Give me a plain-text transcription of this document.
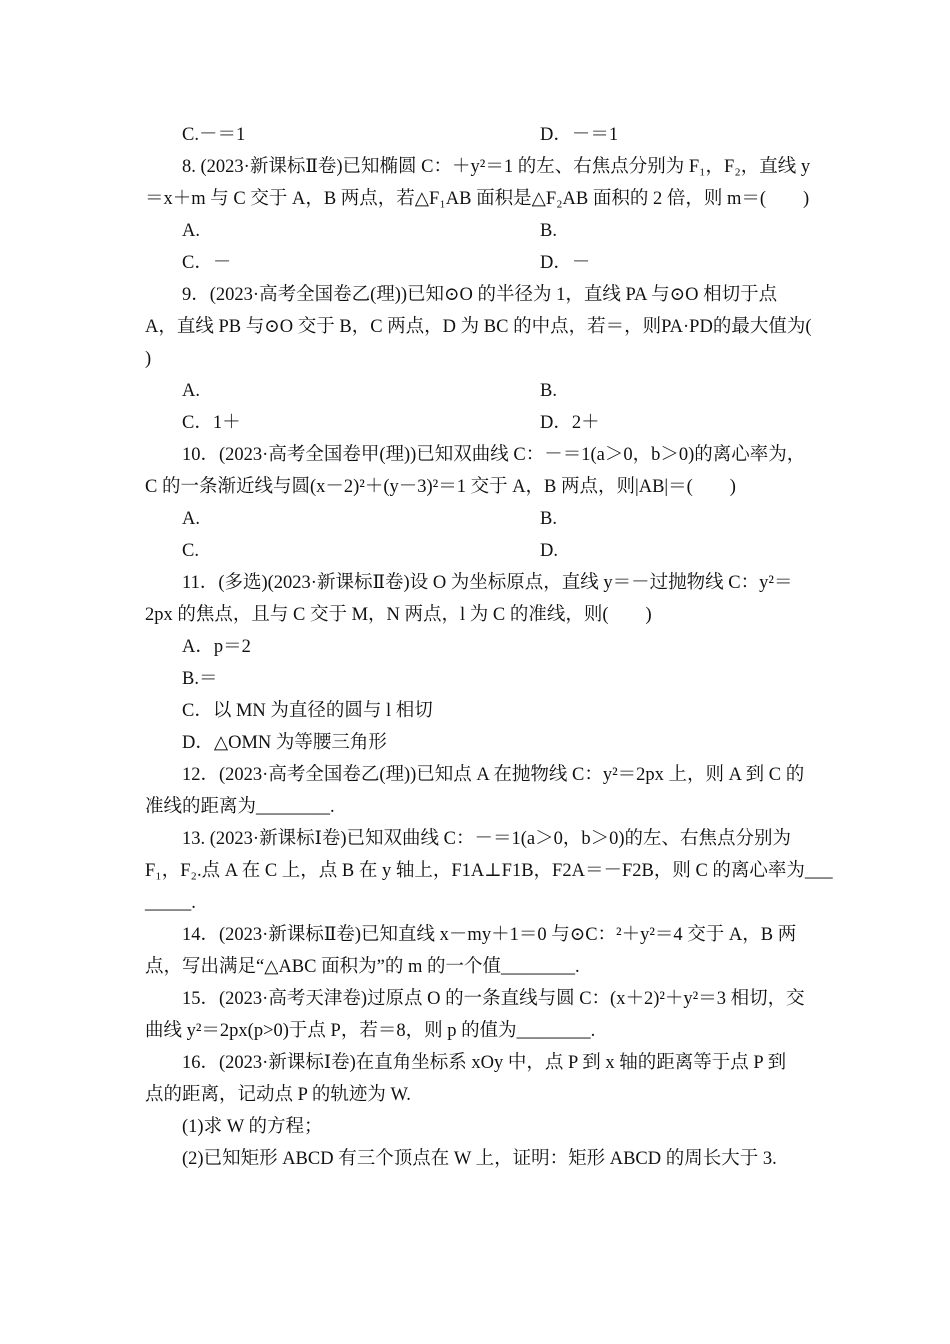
C.－＝1	D．－＝1
8. (2023·新课标Ⅱ卷)已知椭圆 C：＋y²＝1 的左、右焦点分别为 F₁，F₂，直线 y
＝x＋m 与 C 交于 A，B 两点，若△F₁AB 面积是△F₂AB 面积的 2 倍，则 m＝(　　)
A.	B.
C．－	D．－
9．(2023·高考全国卷乙(理))已知⊙O 的半径为 1，直线 PA 与⊙O 相切于点
A，直线 PB 与⊙O 交于 B，C 两点，D 为 BC 的中点，若＝，则PA·PD的最大值为(
)
A.	B.
C．1＋	D．2＋
10．(2023·高考全国卷甲(理))已知双曲线 C：－＝1(a＞0，b＞0)的离心率为，
C 的一条渐近线与圆(x－2)²＋(y－3)²＝1 交于 A，B 两点，则|AB|＝(　　)
A.	B.
C.	D.
11．(多选)(2023·新课标Ⅱ卷)设 O 为坐标原点，直线 y＝－过抛物线 C：y²＝
2px 的焦点，且与 C 交于 M，N 两点，l 为 C 的准线，则(　　)
A．p＝2
B.＝
C．以 MN 为直径的圆与 l 相切
D．△OMN 为等腰三角形
12．(2023·高考全国卷乙(理))已知点 A 在抛物线 C：y²＝2px 上，则 A 到 C 的
准线的距离为________.
13. (2023·新课标Ⅰ卷)已知双曲线 C：－＝1(a＞0，b＞0)的左、右焦点分别为
F₁，F₂.点 A 在 C 上，点 B 在 y 轴上，F1A⊥F1B，F2A＝－F2B，则 C 的离心率为___
_____.
14．(2023·新课标Ⅱ卷)已知直线 x－my＋1＝0 与⊙C：²＋y²＝4 交于 A，B 两
点，写出满足“△ABC 面积为”的 m 的一个值________.
15．(2023·高考天津卷)过原点 O 的一条直线与圆 C：(x＋2)²＋y²＝3 相切，交
曲线 y²＝2px(p>0)于点 P，若＝8，则 p 的值为________.
16．(2023·新课标Ⅰ卷)在直角坐标系 xOy 中，点 P 到 x 轴的距离等于点 P 到
点的距离，记动点 P 的轨迹为 W.
(1)求 W 的方程；
(2)已知矩形 ABCD 有三个顶点在 W 上，证明：矩形 ABCD 的周长大于 3.
